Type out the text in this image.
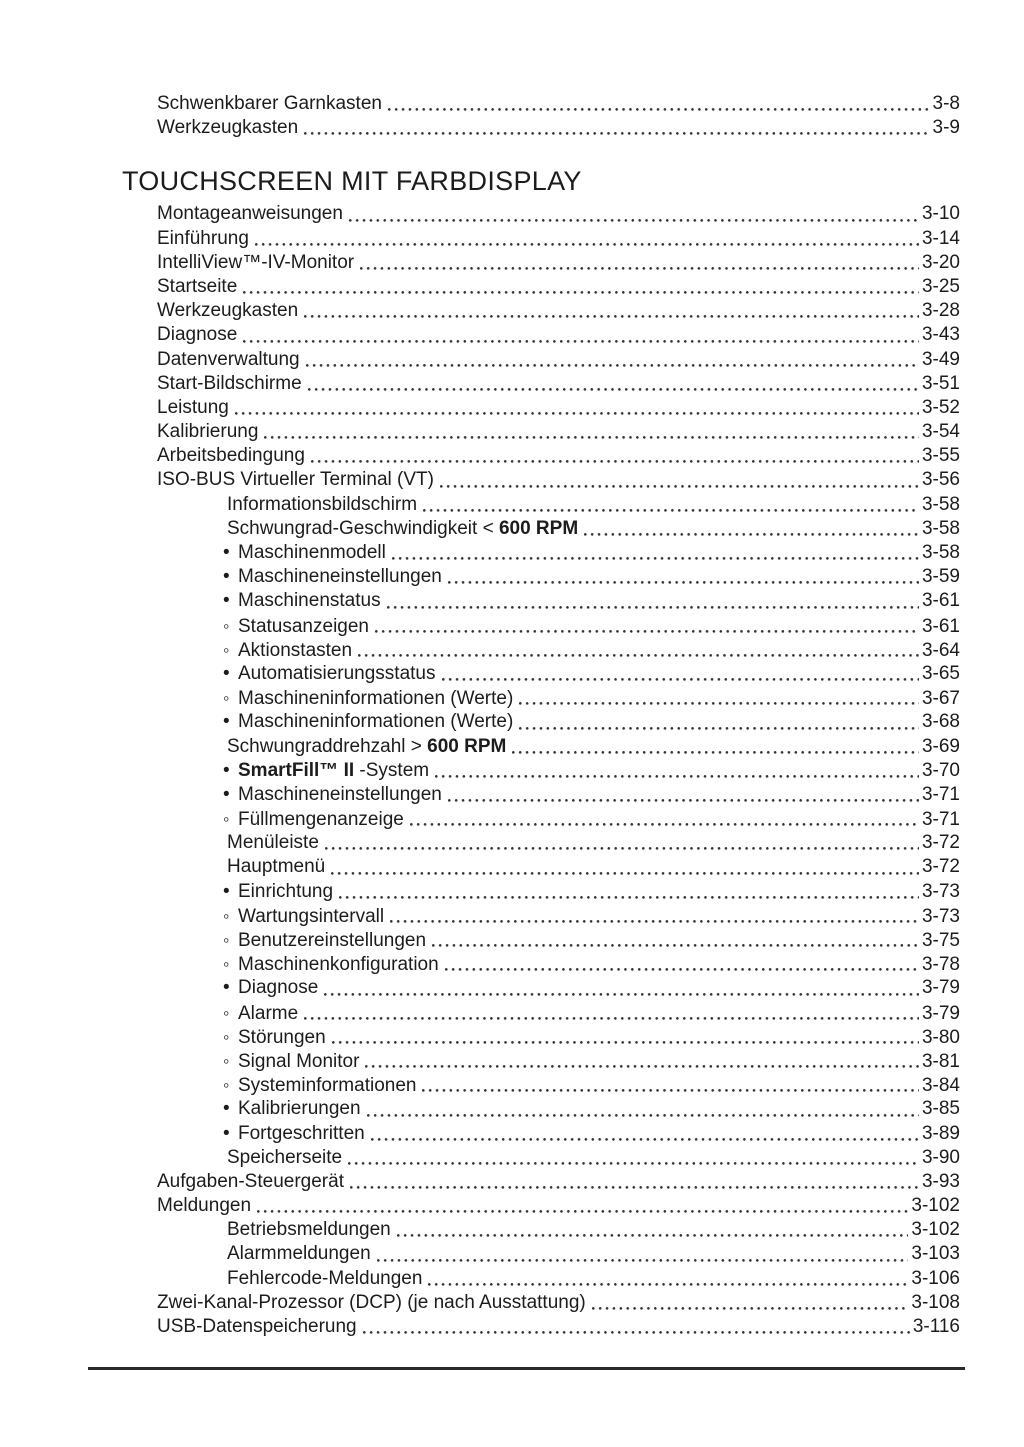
Schwenkbarer Garnkasten	3-8
Werkzeugkasten	3-9
TOUCHSCREEN MIT FARBDISPLAY
Montageanweisungen	3-10
Einführung	3-14
IntelliView™-IV-Monitor	3-20
Startseite	3-25
Werkzeugkasten	3-28
Diagnose	3-43
Datenverwaltung	3-49
Start-Bildschirme	3-51
Leistung	3-52
Kalibrierung	3-54
Arbeitsbedingung	3-55
ISO-BUS Virtueller Terminal (VT)	3-56
Informationsbildschirm	3-58
Schwungrad-Geschwindigkeit < 600 RPM	3-58
• Maschinenmodell	3-58
• Maschineneinstellungen	3-59
• Maschinenstatus	3-61
◦ Statusanzeigen	3-61
◦ Aktionstasten	3-64
• Automatisierungsstatus	3-65
◦ Maschineninformationen (Werte)	3-67
• Maschineninformationen (Werte)	3-68
Schwungraddrehzahl > 600 RPM	3-69
• SmartFill™ II -System	3-70
• Maschineneinstellungen	3-71
◦ Füllmengenanzeige	3-71
Menüleiste	3-72
Hauptmenü	3-72
• Einrichtung	3-73
◦ Wartungsintervall	3-73
◦ Benutzereinstellungen	3-75
◦ Maschinenkonfiguration	3-78
• Diagnose	3-79
◦ Alarme	3-79
◦ Störungen	3-80
◦ Signal Monitor	3-81
◦ Systeminformationen	3-84
• Kalibrierungen	3-85
• Fortgeschritten	3-89
Speicherseite	3-90
Aufgaben-Steuergerät	3-93
Meldungen	3-102
Betriebsmeldungen	3-102
Alarmmeldungen	3-103
Fehlercode-Meldungen	3-106
Zwei-Kanal-Prozessor (DCP) (je nach Ausstattung)	3-108
USB-Datenspeicherung	3-116
